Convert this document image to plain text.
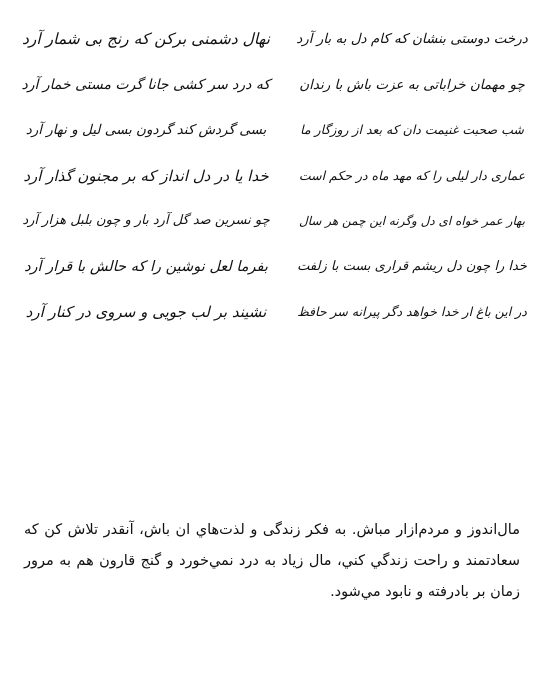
درخت دوستی بنشان که کام دل به بار آرد
نهال دشمنی برکن که رنج بی شمار آرد
چو مهمان خراباتی به عزت باش با رندان
که درد سر کشی جانا گرت مستی خمار آرد
شب صحبت غنیمت دان که بعد از روزگار ما
بسی گردش کند گردون بسی لیل و نهار آرد
عماری دار لیلی را که مهد ماه در حکم است
خدا یا در دل انداز که بر مجنون گذار آرد
بهار عمر خواه ای دل وگرنه این چمن هر سال
چو نسرین صد گل آرد بار و چون بلبل هزار آرد
خدا را چون دل ریشم قراری بست با زلفت
بفرما لعل نوشین را که حالش با قرار آرد
در این باغ ار خدا خواهد دگر پیرانه سر حافظ
نشیند بر لب جویی و سروی در کنار آرد

مال‌اندوز و مردم‌ازار مباش. به فکر زندگی و لذت‌هاي ان باش، آنقدر تلاش کن که سعادتمند و راحت زندگي کني، مال زیاد به درد نمي‌خورد و گنج قارون هم به مرور زمان بر بادرفته و نابود مي‌شود.
